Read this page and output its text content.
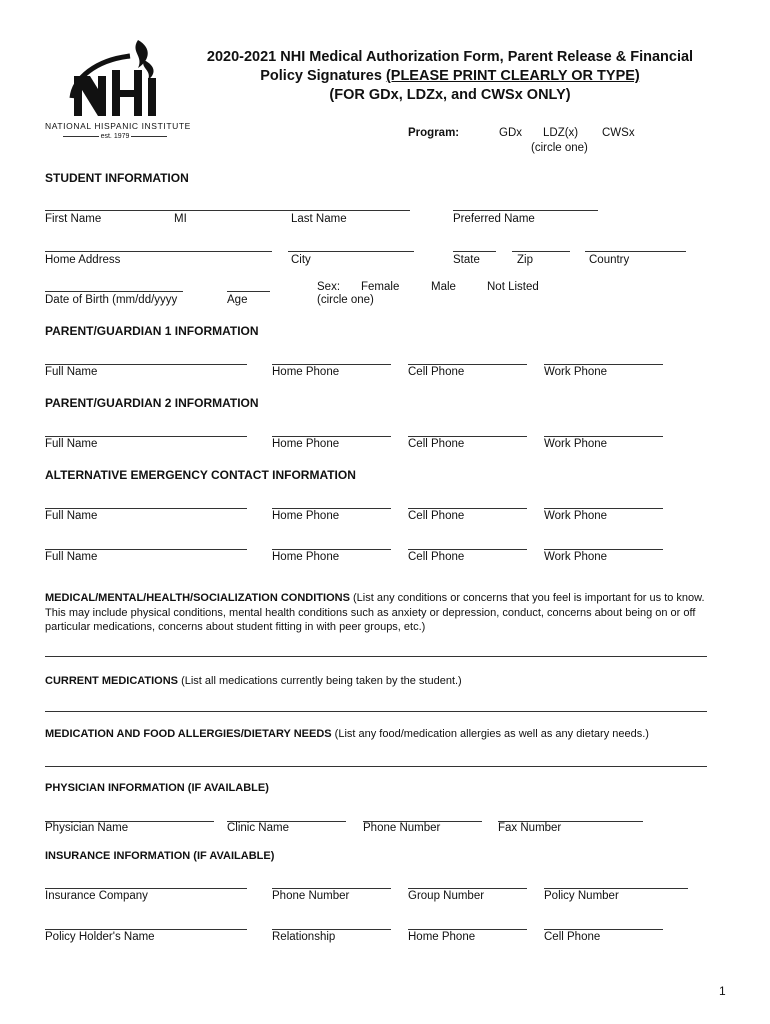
NATIONAL HISPANIC INSTITUTE
est. 1979
2020-2021 NHI Medical Authorization Form, Parent Release & Financial
Policy Signatures (PLEASE PRINT CLEARLY OR TYPE)
(FOR GDx, LDZx, and CWSx ONLY)
Program:	GDx LDZ(x) CWSx
(circle one)
STUDENT INFORMATION
First Name	MI	Last Name	Preferred Name
Home Address	City	State	Zip	Country
Date of Birth (mm/dd/yyyy	Age
Sex:
(circle one)
Female	Male	Not Listed
PARENT/GUARDIAN 1 INFORMATION
Full Name	Home Phone	Cell Phone	Work Phone
PARENT/GUARDIAN 2 INFORMATION
Full Name	Home Phone	Cell Phone	Work Phone
ALTERNATIVE EMERGENCY CONTACT INFORMATION
Full Name	Home Phone	Cell Phone	Work Phone
Full Name	Home Phone	Cell Phone	Work Phone
MEDICAL/MENTAL/HEALTH/SOCIALIZATION CONDITIONS (List any conditions or concerns that you feel is important for us to know. This may include physical conditions, mental health conditions such as anxiety or depression, conduct, concerns about being on or off particular medications, concerns about student fitting in with peer groups, etc.)
CURRENT MEDICATIONS (List all medications currently being taken by the student.)
MEDICATION AND FOOD ALLERGIES/DIETARY NEEDS (List any food/medication allergies as well as any dietary needs.)
PHYSICIAN INFORMATION (IF AVAILABLE)
Physician Name	Clinic Name	Phone Number	Fax Number
INSURANCE INFORMATION (IF AVAILABLE)
Insurance Company	Phone Number	Group Number	Policy Number
Policy Holder's Name	Relationship	Home Phone	Cell Phone
1
